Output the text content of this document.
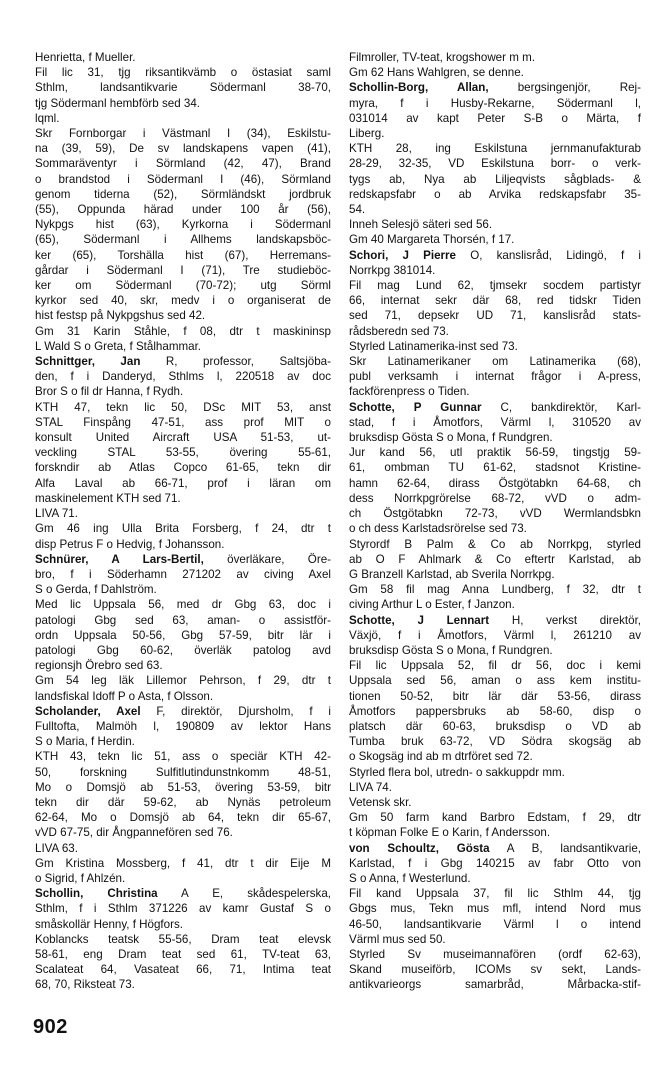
Henrietta, f Mueller.
Fil lic 31, tjg riksantikvämb o östasiat saml
Sthlm, landsantikvarie Södermanl 38-70,
tjg Södermanl hembförb sed 34.
lqml.
Skr Fornborgar i Västmanl I (34), Eskilstu-
na (39, 59), De sv landskapens vapen (41),
Sommaräventyr i Sörmland (42, 47), Brand
o brandstod i Södermanl I (46), Sörmland
genom tiderna (52), Sörmländskt jordbruk
(55), Oppunda härad under 100 år (56),
Nykpgs hist (63), Kyrkorna i Södermanl
(65), Södermanl i Allhems landskapsböc-
ker (65), Torshälla hist (67), Herremans-
gårdar i Södermanl I (71), Tre studieböc-
ker om Södermanl (70-72); utg Sörml
kyrkor sed 40, skr, medv i o organiserat de
hist festsp på Nykpgshus sed 42.
Gm 31 Karin Ståhle, f 08, dtr t maskininsp
L Wald S o Greta, f Stålhammar.
Schnittger, Jan R, professor, Saltsjöba-
den, f i Danderyd, Sthlms l, 220518 av doc
Bror S o fil dr Hanna, f Rydh.
KTH 47, tekn lic 50, DSc MIT 53, anst
STAL Finspång 47-51, ass prof MIT o
konsult United Aircraft USA 51-53, ut-
veckling STAL 53-55, övering 55-61,
forskndir ab Atlas Copco 61-65, tekn dir
Alfa Laval ab 66-71, prof i läran om
maskinelement KTH sed 71.
LIVA 71.
Gm 46 ing Ulla Brita Forsberg, f 24, dtr t
disp Petrus F o Hedvig, f Johansson.
Schnürer, A Lars-Bertil, överläkare, Öre-
bro, f i Söderhamn 271202 av civing Axel
S o Gerda, f Dahlström.
Med lic Uppsala 56, med dr Gbg 63, doc i
patologi Gbg sed 63, aman- o assistför-
ordn Uppsala 50-56, Gbg 57-59, bitr lär i
patologi Gbg 60-62, överläk patolog avd
regionsjh Örebro sed 63.
Gm 54 leg läk Lillemor Pehrson, f 29, dtr t
landsfiskal Idoff P o Asta, f Olsson.
Scholander, Axel F, direktör, Djursholm, f i
Fulltofta, Malmöh l, 190809 av lektor Hans
S o Maria, f Herdin.
KTH 43, tekn lic 51, ass o speciär KTH 42-
50, forskning Sulfitlutindunstnkomm 48-51,
Mo o Domsjö ab 51-53, övering 53-59, bitr
tekn dir där 59-62, ab Nynäs petroleum
62-64, Mo o Domsjö ab 64, tekn dir 65-67,
vVD 67-75, dir Ångpannefören sed 76.
LIVA 63.
Gm Kristina Mossberg, f 41, dtr t dir Eije M
o Sigrid, f Ahlzén.
Schollin, Christina A E, skådespelerska,
Sthlm, f i Sthlm 371226 av kamr Gustaf S o
småskollär Henny, f Högfors.
Koblancks teatsk 55-56, Dram teat elevsk
58-61, eng Dram teat sed 61, TV-teat 63,
Scalateat 64, Vasateat 66, 71, Intima teat
68, 70, Riksteat 73.
Filmroller, TV-teat, krogshower m m.
Gm 62 Hans Wahlgren, se denne.
Schollin-Borg, Allan, bergsingenjör, Rej-
myra, f i Husby-Rekarne, Södermanl l,
031014 av kapt Peter S-B o Märta, f
Liberg.
KTH 28, ing Eskilstuna jernmanufakturab
28-29, 32-35, VD Eskilstuna borr- o verk-
tygs ab, Nya ab Liljeqvists sågblads- &
redskapsfabr o ab Arvika redskapsfabr 35-
54.
Inneh Selesjö säteri sed 56.
Gm 40 Margareta Thorsén, f 17.
Schori, J Pierre O, kanslisråd, Lidingö, f i
Norrkpg 381014.
Fil mag Lund 62, tjmsekr socdem partistyr
66, internat sekr där 68, red tidskr Tiden
sed 71, depsekr UD 71, kanslisråd stats-
rådsberedn sed 73.
Styrled Latinamerika-inst sed 73.
Skr Latinamerikaner om Latinamerika (68),
publ verksamh i internat frågor i A-press,
fackförenpress o Tiden.
Schotte, P Gunnar C, bankdirektör, Karl-
stad, f i Åmotfors, Värml l, 310520 av
bruksdisp Gösta S o Mona, f Rundgren.
Jur kand 56, utl praktik 56-59, tingstjg 59-
61, ombman TU 61-62, stadsnot Kristine-
hamn 62-64, dirass Östgötabkn 64-68, ch
dess Norrkpgrörelse 68-72, vVD o adm-
ch Östgötabkn 72-73, vVD Wermlandsbkn
o ch dess Karlstadsrörelse sed 73.
Styrordf B Palm & Co ab Norrkpg, styrled
ab O F Ahlmark & Co eftertr Karlstad, ab
G Branzell Karlstad, ab Sverila Norrkpg.
Gm 58 fil mag Anna Lundberg, f 32, dtr t
civing Arthur L o Ester, f Janzon.
Schotte, J Lennart H, verkst direktör,
Växjö, f i Åmotfors, Värml l, 261210 av
bruksdisp Gösta S o Mona, f Rundgren.
Fil lic Uppsala 52, fil dr 56, doc i kemi
Uppsala sed 56, aman o ass kem institu-
tionen 50-52, bitr lär där 53-56, dirass
Åmotfors pappersbruks ab 58-60, disp o
platsch där 60-63, bruksdisp o VD ab
Tumba bruk 63-72, VD Södra skogsäg ab
o Skogsäg ind ab m dtrföret sed 72.
Styrled flera bol, utredn- o sakkuppdr mm.
LIVA 74.
Vetensk skr.
Gm 50 farm kand Barbro Edstam, f 29, dtr
t köpman Folke E o Karin, f Andersson.
von Schoultz, Gösta A B, landsantikvarie,
Karlstad, f i Gbg 140215 av fabr Otto von
S o Anna, f Westerlund.
Fil kand Uppsala 37, fil lic Sthlm 44, tjg
Gbgs mus, Tekn mus mfl, intend Nord mus
46-50, landsantikvarie Värml l o intend
Värml mus sed 50.
Styrled Sv museimannafören (ordf 62-63),
Skand museiförb, ICOMs sv sekt, Lands-
antikvarieorgs samarbråd, Mårbacka-stif-
902
